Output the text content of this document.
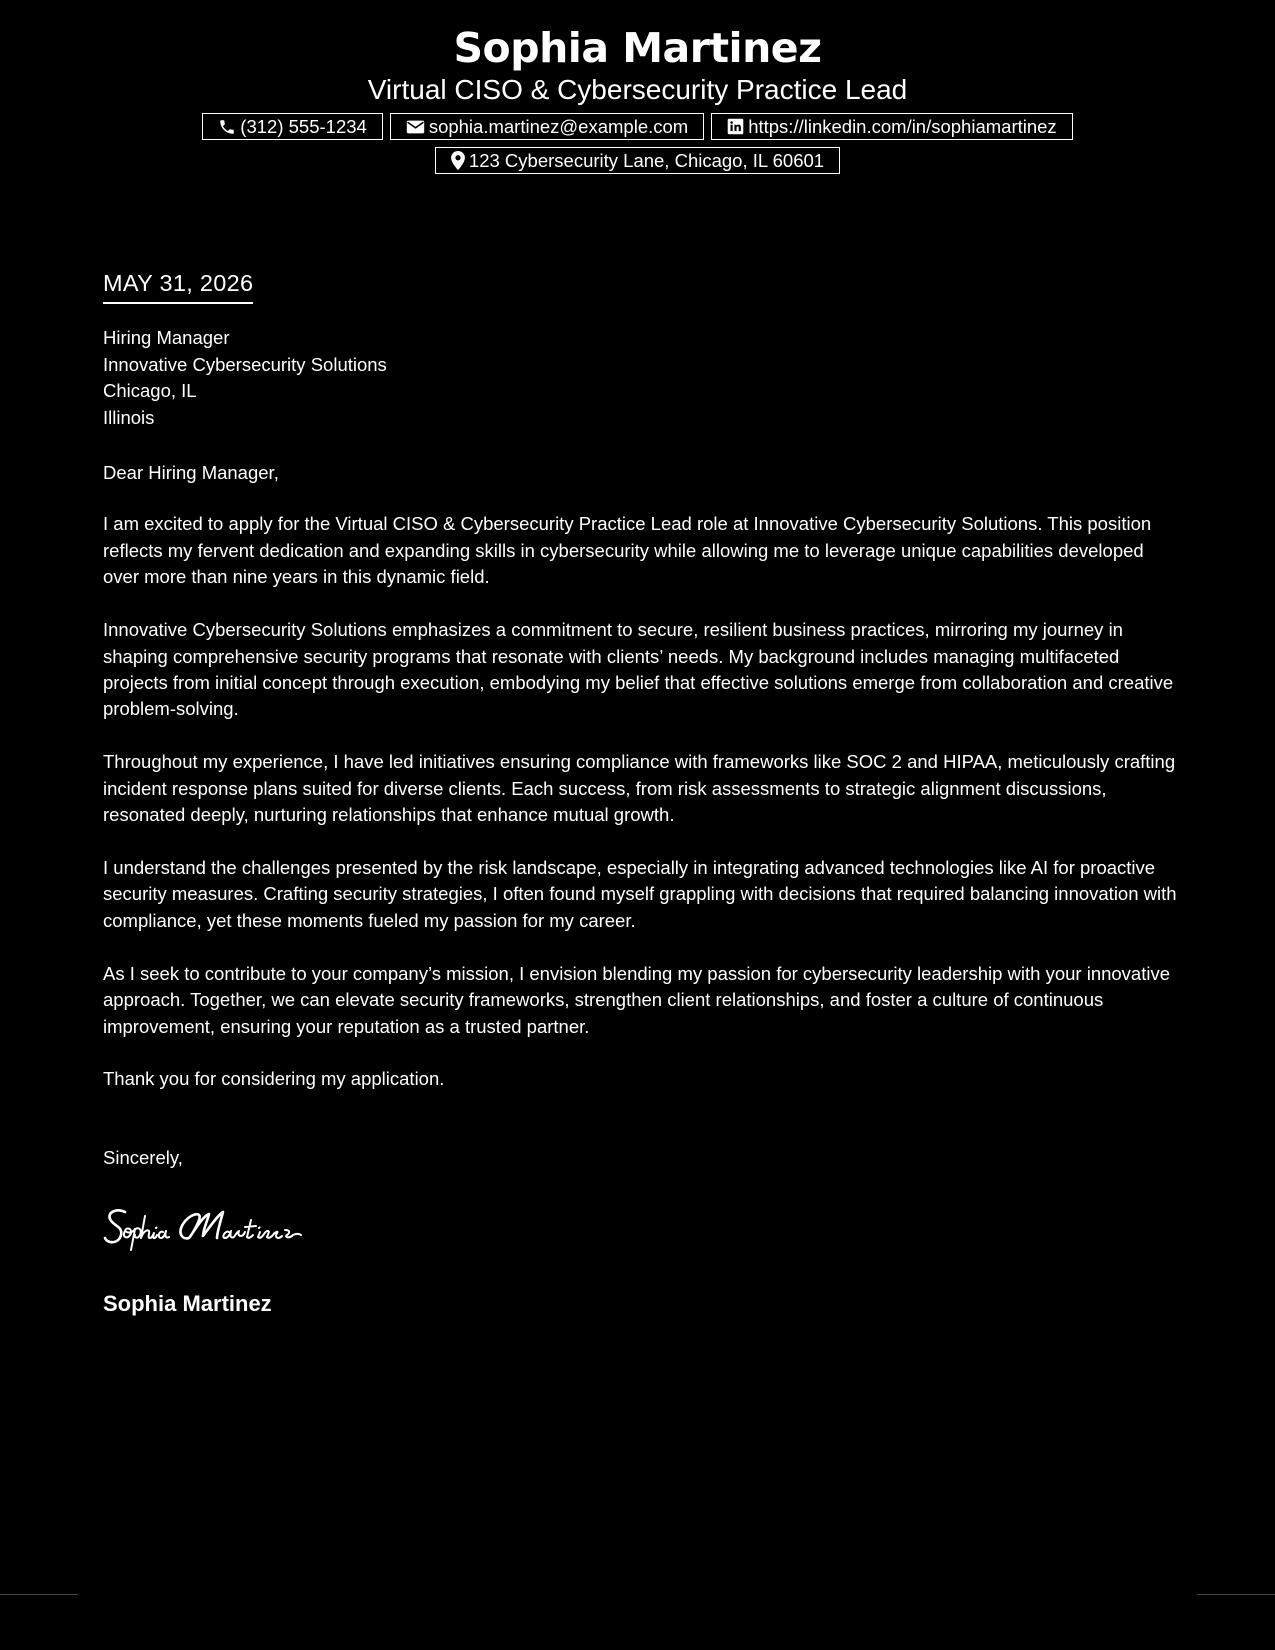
Sophia Martinez
Virtual CISO & Cybersecurity Practice Lead
(312) 555-1234	sophia.martinez@example.com	https://linkedin.com/in/sophiamartinez
123 Cybersecurity Lane, Chicago, IL 60601
MAY 31, 2026
Hiring Manager
Innovative Cybersecurity Solutions
Chicago, IL
Illinois

Dear Hiring Manager,

I am excited to apply for the Virtual CISO & Cybersecurity Practice Lead role at Innovative Cybersecurity Solutions. This position reflects my fervent dedication and expanding skills in cybersecurity while allowing me to leverage unique capabilities developed over more than nine years in this dynamic field.

Innovative Cybersecurity Solutions emphasizes a commitment to secure, resilient business practices, mirroring my journey in shaping comprehensive security programs that resonate with clients’ needs. My background includes managing multifaceted projects from initial concept through execution, embodying my belief that effective solutions emerge from collaboration and creative problem-solving.

Throughout my experience, I have led initiatives ensuring compliance with frameworks like SOC 2 and HIPAA, meticulously crafting incident response plans suited for diverse clients. Each success, from risk assessments to strategic alignment discussions, resonated deeply, nurturing relationships that enhance mutual growth.

I understand the challenges presented by the risk landscape, especially in integrating advanced technologies like AI for proactive security measures. Crafting security strategies, I often found myself grappling with decisions that required balancing innovation with compliance, yet these moments fueled my passion for my career.

As I seek to contribute to your company’s mission, I envision blending my passion for cybersecurity leadership with your innovative approach. Together, we can elevate security frameworks, strengthen client relationships, and foster a culture of continuous improvement, ensuring your reputation as a trusted partner.

Thank you for considering my application.

Sincerely,
Sophia Martinez
